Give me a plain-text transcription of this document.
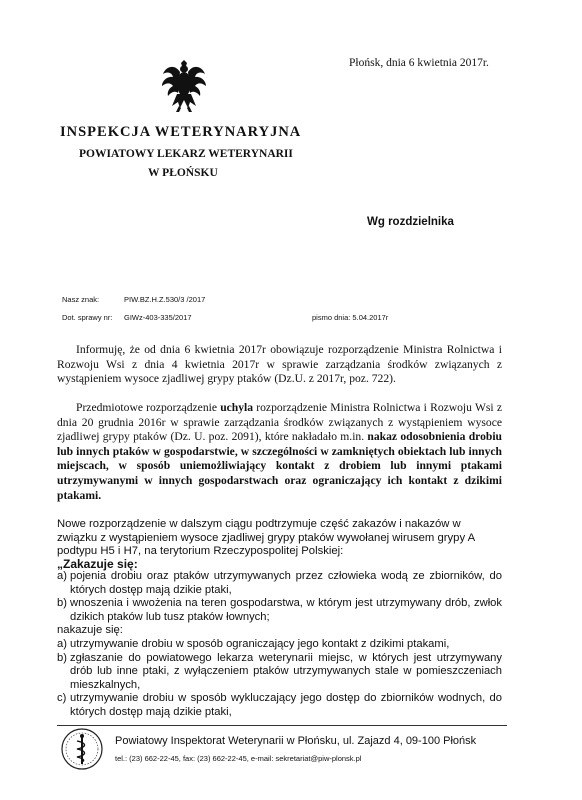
Płońsk, dnia 6 kwietnia 2017r.
INSPEKCJA WETERYNARYJNA
POWIATOWY LEKARZ WETERYNARII
W PŁOŃSKU
Wg rozdzielnika
Nasz znak:	PIW.BZ.H.Z.530/3 /2017
Dot. sprawy nr: GIWz-403-335/2017	pismo dnia: 5.04.2017r
Informuję, że od dnia 6 kwietnia 2017r obowiązuje rozporządzenie Ministra Rolnictwa i Rozwoju Wsi z dnia 4 kwietnia 2017r w sprawie zarządzania środków związanych z wystąpieniem wysoce zjadliwej grypy ptaków (Dz.U. z 2017r, poz. 722).
Przedmiotowe rozporządzenie uchyla rozporządzenie Ministra Rolnictwa i Rozwoju Wsi z dnia 20 grudnia 2016r w sprawie zarządzania środków związanych z wystąpieniem wysoce zjadliwej grypy ptaków (Dz. U. poz. 2091), które nakładało m.in. nakaz odosobnienia drobiu lub innych ptaków w gospodarstwie, w szczególności w zamkniętych obiektach lub innych miejscach, w sposób uniemożliwiający kontakt z drobiem lub innymi ptakami utrzymywanymi w innych gospodarstwach oraz ograniczający ich kontakt z dzikimi ptakami.
Nowe rozporządzenie w dalszym ciągu podtrzymuje część zakazów i nakazów w związku z wystąpieniem wysoce zjadliwej grypy ptaków wywołanej wirusem grypy A podtypu H5 i H7, na terytorium Rzeczypospolitej Polskiej:
„Zakazuje się:
a) pojenia drobiu oraz ptaków utrzymywanych przez człowieka wodą ze zbiorników, do których dostęp mają dzikie ptaki,
b) wnoszenia i wwożenia na teren gospodarstwa, w którym jest utrzymywany drób, zwłok dzikich ptaków lub tusz ptaków łownych;
nakazuje się:
a) utrzymywanie drobiu w sposób ograniczający jego kontakt z dzikimi ptakami,
b) zgłaszanie do powiatowego lekarza weterynarii miejsc, w których jest utrzymywany drób lub inne ptaki, z wyłączeniem ptaków utrzymywanych stale w pomieszczeniach mieszkalnych,
c) utrzymywanie drobiu w sposób wykluczający jego dostęp do zbiorników wodnych, do których dostęp mają dzikie ptaki,
Powiatowy Inspektorat Weterynarii w Płońsku, ul. Zajazd 4, 09-100 Płońsk
tel.: (23) 662-22-45, fax: (23) 662-22-45, e-mail: sekretariat@piw-plonsk.pl
